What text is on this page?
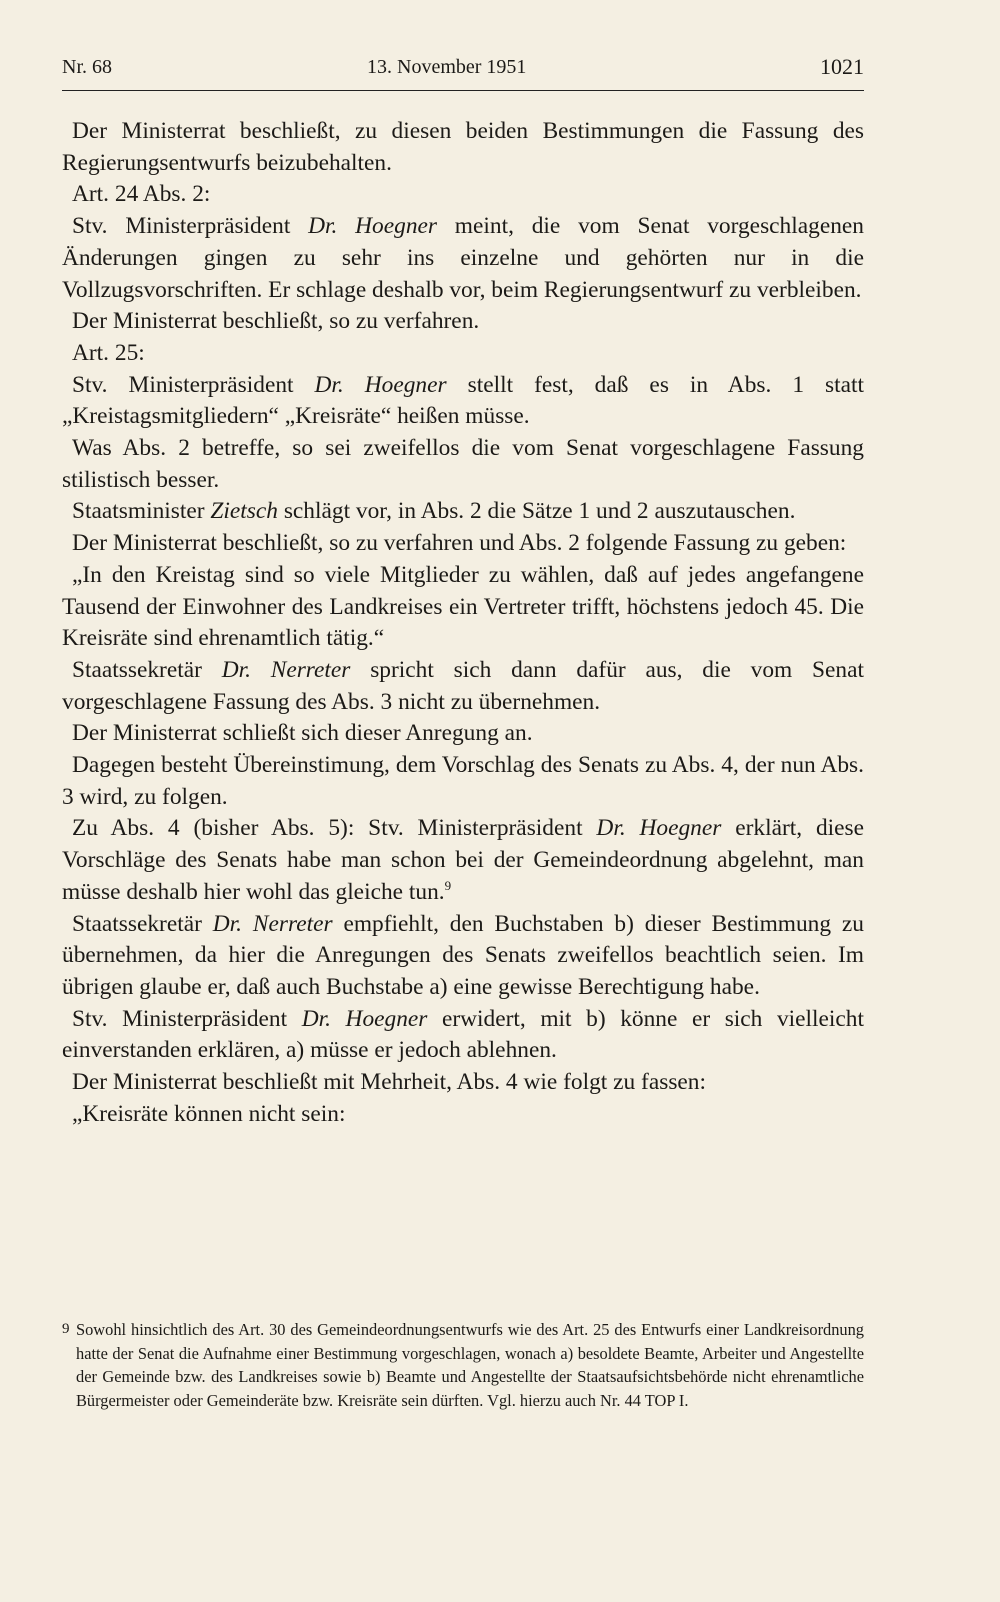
Nr. 68	13. November 1951	1021

Der Ministerrat beschließt, zu diesen beiden Bestimmungen die Fassung des Regierungsentwurfs beizubehalten.

Art. 24 Abs. 2:

Stv. Ministerpräsident Dr. Hoegner meint, die vom Senat vorgeschlagenen Änderungen gingen zu sehr ins einzelne und gehörten nur in die Vollzugsvorschriften. Er schlage deshalb vor, beim Regierungsentwurf zu verbleiben.

Der Ministerrat beschließt, so zu verfahren.

Art. 25:

Stv. Ministerpräsident Dr. Hoegner stellt fest, daß es in Abs. 1 statt „Kreistagsmitgliedern“ „Kreisräte“ heißen müsse.

Was Abs. 2 betreffe, so sei zweifellos die vom Senat vorgeschlagene Fassung stilistisch besser.

Staatsminister Zietsch schlägt vor, in Abs. 2 die Sätze 1 und 2 auszutauschen.

Der Ministerrat beschließt, so zu verfahren und Abs. 2 folgende Fassung zu geben:

„In den Kreistag sind so viele Mitglieder zu wählen, daß auf jedes angefangene Tausend der Einwohner des Landkreises ein Vertreter trifft, höchstens jedoch 45. Die Kreisräte sind ehrenamtlich tätig.“

Staatssekretär Dr. Nerreter spricht sich dann dafür aus, die vom Senat vorgeschlagene Fassung des Abs. 3 nicht zu übernehmen.

Der Ministerrat schließt sich dieser Anregung an.

Dagegen besteht Übereinstimung, dem Vorschlag des Senats zu Abs. 4, der nun Abs. 3 wird, zu folgen.

Zu Abs. 4 (bisher Abs. 5): Stv. Ministerpräsident Dr. Hoegner erklärt, diese Vorschläge des Senats habe man schon bei der Gemeindeordnung abgelehnt, man müsse deshalb hier wohl das gleiche tun.$^9$

Staatssekretär Dr. Nerreter empfiehlt, den Buchstaben b) dieser Bestimmung zu übernehmen, da hier die Anregungen des Senats zweifellos beachtlich seien. Im übrigen glaube er, daß auch Buchstabe a) eine gewisse Berechtigung habe.

Stv. Ministerpräsident Dr. Hoegner erwidert, mit b) könne er sich vielleicht einverstanden erklären, a) müsse er jedoch ablehnen.

Der Ministerrat beschließt mit Mehrheit, Abs. 4 wie folgt zu fassen:

„Kreisräte können nicht sein:

9 Sowohl hinsichtlich des Art. 30 des Gemeindeordnungsentwurfs wie des Art. 25 des Entwurfs einer Landkreisordnung hatte der Senat die Aufnahme einer Bestimmung vorgeschlagen, wonach a) besoldete Beamte, Arbeiter und Angestellte der Gemeinde bzw. des Landkreises sowie b) Beamte und Angestellte der Staatsaufsichtsbehörde nicht ehrenamtliche Bürgermeister oder Gemeinderäte bzw. Kreisräte sein dürften. Vgl. hierzu auch Nr. 44 TOP I.
